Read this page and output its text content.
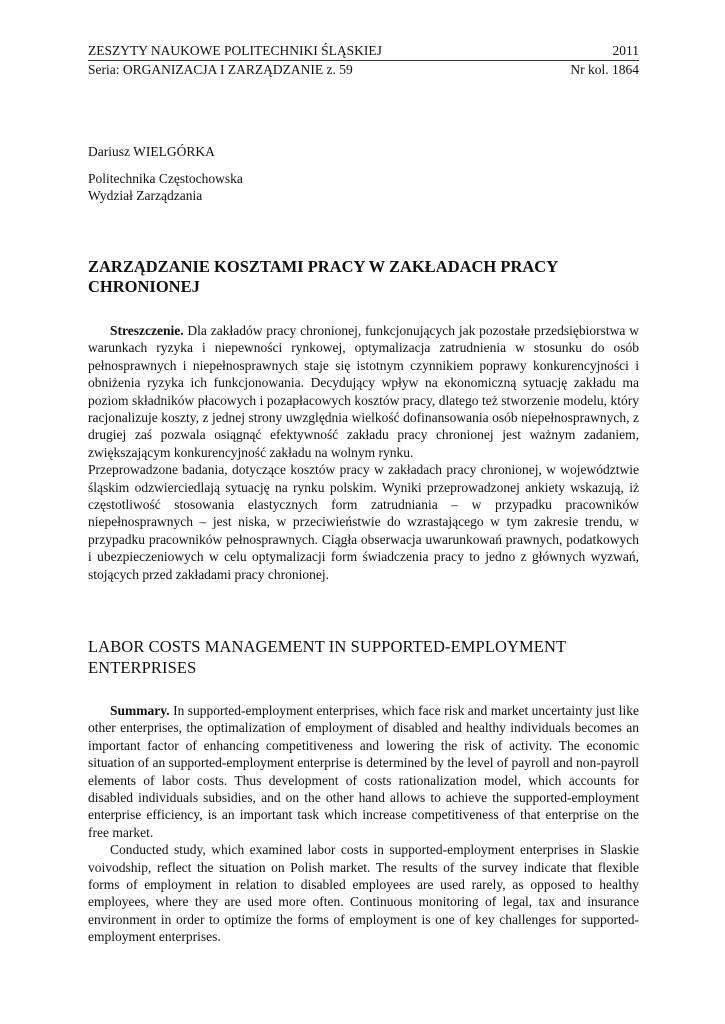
ZESZYTY NAUKOWE POLITECHNIKI ŚLĄSKIEJ	2011
Seria: ORGANIZACJA I ZARZĄDZANIE z. 59	Nr kol. 1864
Dariusz WIELGÓRKA
Politechnika Częstochowska
Wydział Zarządzania
ZARZĄDZANIE KOSZTAMI PRACY W ZAKŁADACH PRACY CHRONIONEJ

Streszczenie. Dla zakładów pracy chronionej, funkcjonujących jak pozostałe przedsiębiorstwa w warunkach ryzyka i niepewności rynkowej, optymalizacja zatrudnienia w stosunku do osób pełnosprawnych i niepełnosprawnych staje się istotnym czynnikiem poprawy konkurencyjności i obniżenia ryzyka ich funkcjonowania. Decydujący wpływ na ekonomiczną sytuację zakładu ma poziom składników płacowych i pozapłacowych kosztów pracy, dlatego też stworzenie modelu, który racjonalizuje koszty, z jednej strony uwzględnia wielkość dofinansowania osób niepełnosprawnych, z drugiej zaś pozwala osiągnąć efektywność zakładu pracy chronionej jest ważnym zadaniem, zwiększającym konkurencyjność zakładu na wolnym rynku.

Przeprowadzone badania, dotyczące kosztów pracy w zakładach pracy chronionej, w województwie śląskim odzwierciedlają sytuację na rynku polskim. Wyniki przeprowadzonej ankiety wskazują, iż częstotliwość stosowania elastycznych form zatrudniania – w przypadku pracowników niepełnosprawnych – jest niska, w przeciwieństwie do wzrastającego w tym zakresie trendu, w przypadku pracowników pełnosprawnych. Ciągła obserwacja uwarunkowań prawnych, podatkowych i ubezpieczeniowych w celu optymalizacji form świadczenia pracy to jedno z głównych wyzwań, stojących przed zakładami pracy chronionej.

LABOR COSTS MANAGEMENT IN SUPPORTED-EMPLOYMENT ENTERPRISES

Summary. In supported-employment enterprises, which face risk and market uncertainty just like other enterprises, the optimalization of employment of disabled and healthy individuals becomes an important factor of enhancing competitiveness and lowering the risk of activity. The economic situation of an supported-employment enterprise is determined by the level of payroll and non-payroll elements of labor costs. Thus development of costs rationalization model, which accounts for disabled individuals subsidies, and on the other hand allows to achieve the supported-employment enterprise efficiency, is an important task which increase competitiveness of that enterprise on the free market.

Conducted study, which examined labor costs in supported-employment enterprises in Slaskie voivodship, reflect the situation on Polish market. The results of the survey indicate that flexible forms of employment in relation to disabled employees are used rarely, as opposed to healthy employees, where they are used more often. Continuous monitoring of legal, tax and insurance environment in order to optimize the forms of employment is one of key challenges for supported-employment enterprises.
